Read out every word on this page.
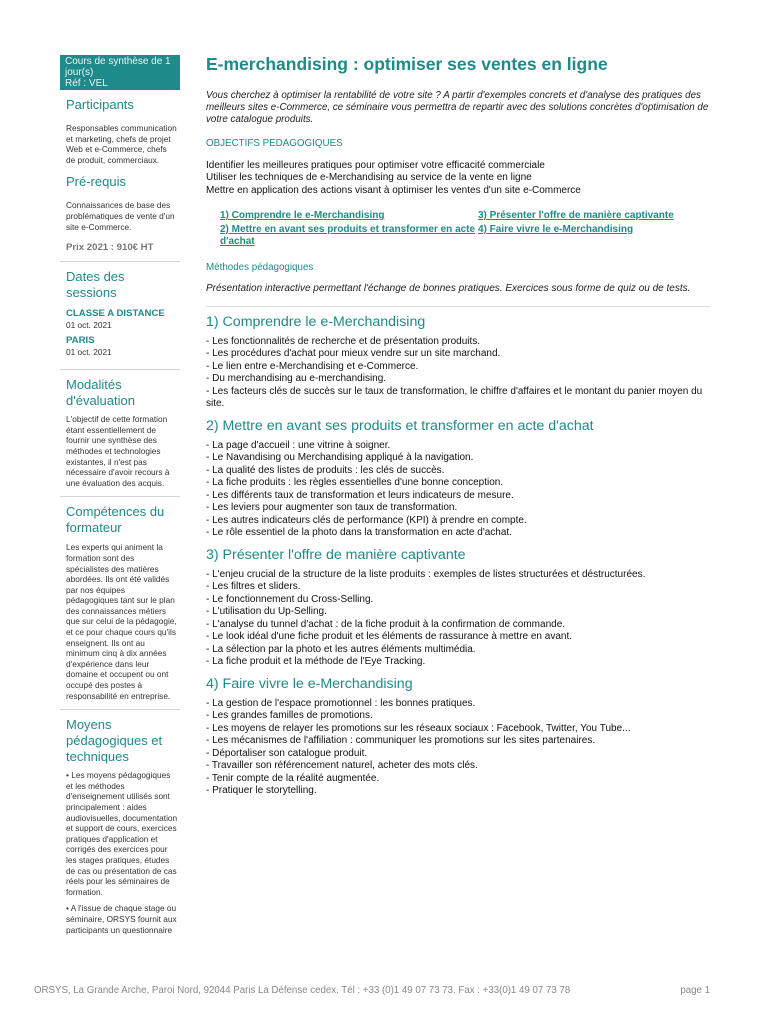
Cours de synthèse de 1
jour(s)
Réf : VEL
Participants
Responsables communication et marketing, chefs de projet Web et e-Commerce, chefs de produit, commerciaux.
Pré-requis
Connaissances de base des problématiques de vente d'un site e-Commerce.
Prix 2021 : 910€ HT
Dates des sessions
CLASSE A DISTANCE
01 oct. 2021
PARIS
01 oct. 2021
Modalités d'évaluation
L'objectif de cette formation étant essentiellement de fournir une synthèse des méthodes et technologies existantes, il n'est pas nécessaire d'avoir recours à une évaluation des acquis.
Compétences du formateur
Les experts qui animent la formation sont des spécialistes des matières abordées. Ils ont été validés par nos équipes pédagogiques tant sur le plan des connaissances métiers que sur celui de la pédagogie, et ce pour chaque cours qu'ils enseignent. Ils ont au minimum cinq à dix années d'expérience dans leur domaine et occupent ou ont occupé des postes à responsabilité en entreprise.
Moyens pédagogiques et techniques

• Les moyens pédagogiques et les méthodes d'enseignement utilisés sont principalement : aides audiovisuelles, documentation et support de cours, exercices pratiques d'application et corrigés des exercices pour les stages pratiques, études de cas ou présentation de cas réels pour les séminaires de formation.

• A l'issue de chaque stage ou séminaire, ORSYS fournit aux participants un questionnaire

E-merchandising : optimiser ses ventes en ligne
Vous cherchez à optimiser la rentabilité de votre site ? A partir d'exemples concrets et d'analyse des pratiques des meilleurs sites e-Commerce, ce séminaire vous permettra de repartir avec des solutions concrètes d'optimisation de votre catalogue produits.
OBJECTIFS PEDAGOGIQUES
Identifier les meilleures pratiques pour optimiser votre efficacité commerciale
Utiliser les techniques de e-Merchandising au service de la vente en ligne
Mettre en application des actions visant à optimiser les ventes d'un site e-Commerce
1) Comprendre le e-Merchandising	3) Présenter l'offre de manière captivante
2) Mettre en avant ses produits et transformer en acte d'achat
4) Faire vivre le e-Merchandising
Méthodes pédagogiques
Présentation interactive permettant l'échange de bonnes pratiques. Exercices sous forme de quiz ou de tests.
1) Comprendre le e-Merchandising
- Les fonctionnalités de recherche et de présentation produits.
- Les procédures d'achat pour mieux vendre sur un site marchand.
- Le lien entre e-Merchandising et e-Commerce.
- Du merchandising au e-merchandising.
- Les facteurs clés de succès sur le taux de transformation, le chiffre d'affaires et le montant du panier moyen du site.
2) Mettre en avant ses produits et transformer en acte d'achat
- La page d'accueil : une vitrine à soigner.
- Le Navandising ou Merchandising appliqué à la navigation.
- La qualité des listes de produits : les clés de succès.
- La fiche produits : les règles essentielles d'une bonne conception.
- Les différents taux de transformation et leurs indicateurs de mesure.
- Les leviers pour augmenter son taux de transformation.
- Les autres indicateurs clés de performance (KPI) à prendre en compte.
- Le rôle essentiel de la photo dans la transformation en acte d'achat.
3) Présenter l'offre de manière captivante
- L'enjeu crucial de la structure de la liste produits : exemples de listes structurées et déstructurées.
- Les filtres et sliders.
- Le fonctionnement du Cross-Selling.
- L'utilisation du Up-Selling.
- L'analyse du tunnel d'achat : de la fiche produit à la confirmation de commande.
- Le look idéal d'une fiche produit et les éléments de rassurance à mettre en avant.
- La sélection par la photo et les autres éléments multimédia.
- La fiche produit et la méthode de l'Eye Tracking.
4) Faire vivre le e-Merchandising
- La gestion de l'espace promotionnel : les bonnes pratiques.
- Les grandes familles de promotions.
- Les moyens de relayer les promotions sur les réseaux sociaux : Facebook, Twitter, You Tube...
- Les mécanismes de l'affiliation : communiquer les promotions sur les sites partenaires.
- Déportaliser son catalogue produit.
- Travailler son référencement naturel, acheter des mots clés.
- Tenir compte de la réalité augmentée.
- Pratiquer le storytelling.
ORSYS, La Grande Arche, Paroi Nord, 92044 Paris La Défense cedex. Tél : +33 (0)1 49 07 73 73. Fax : +33(0)1 49 07 73 78	page 1
